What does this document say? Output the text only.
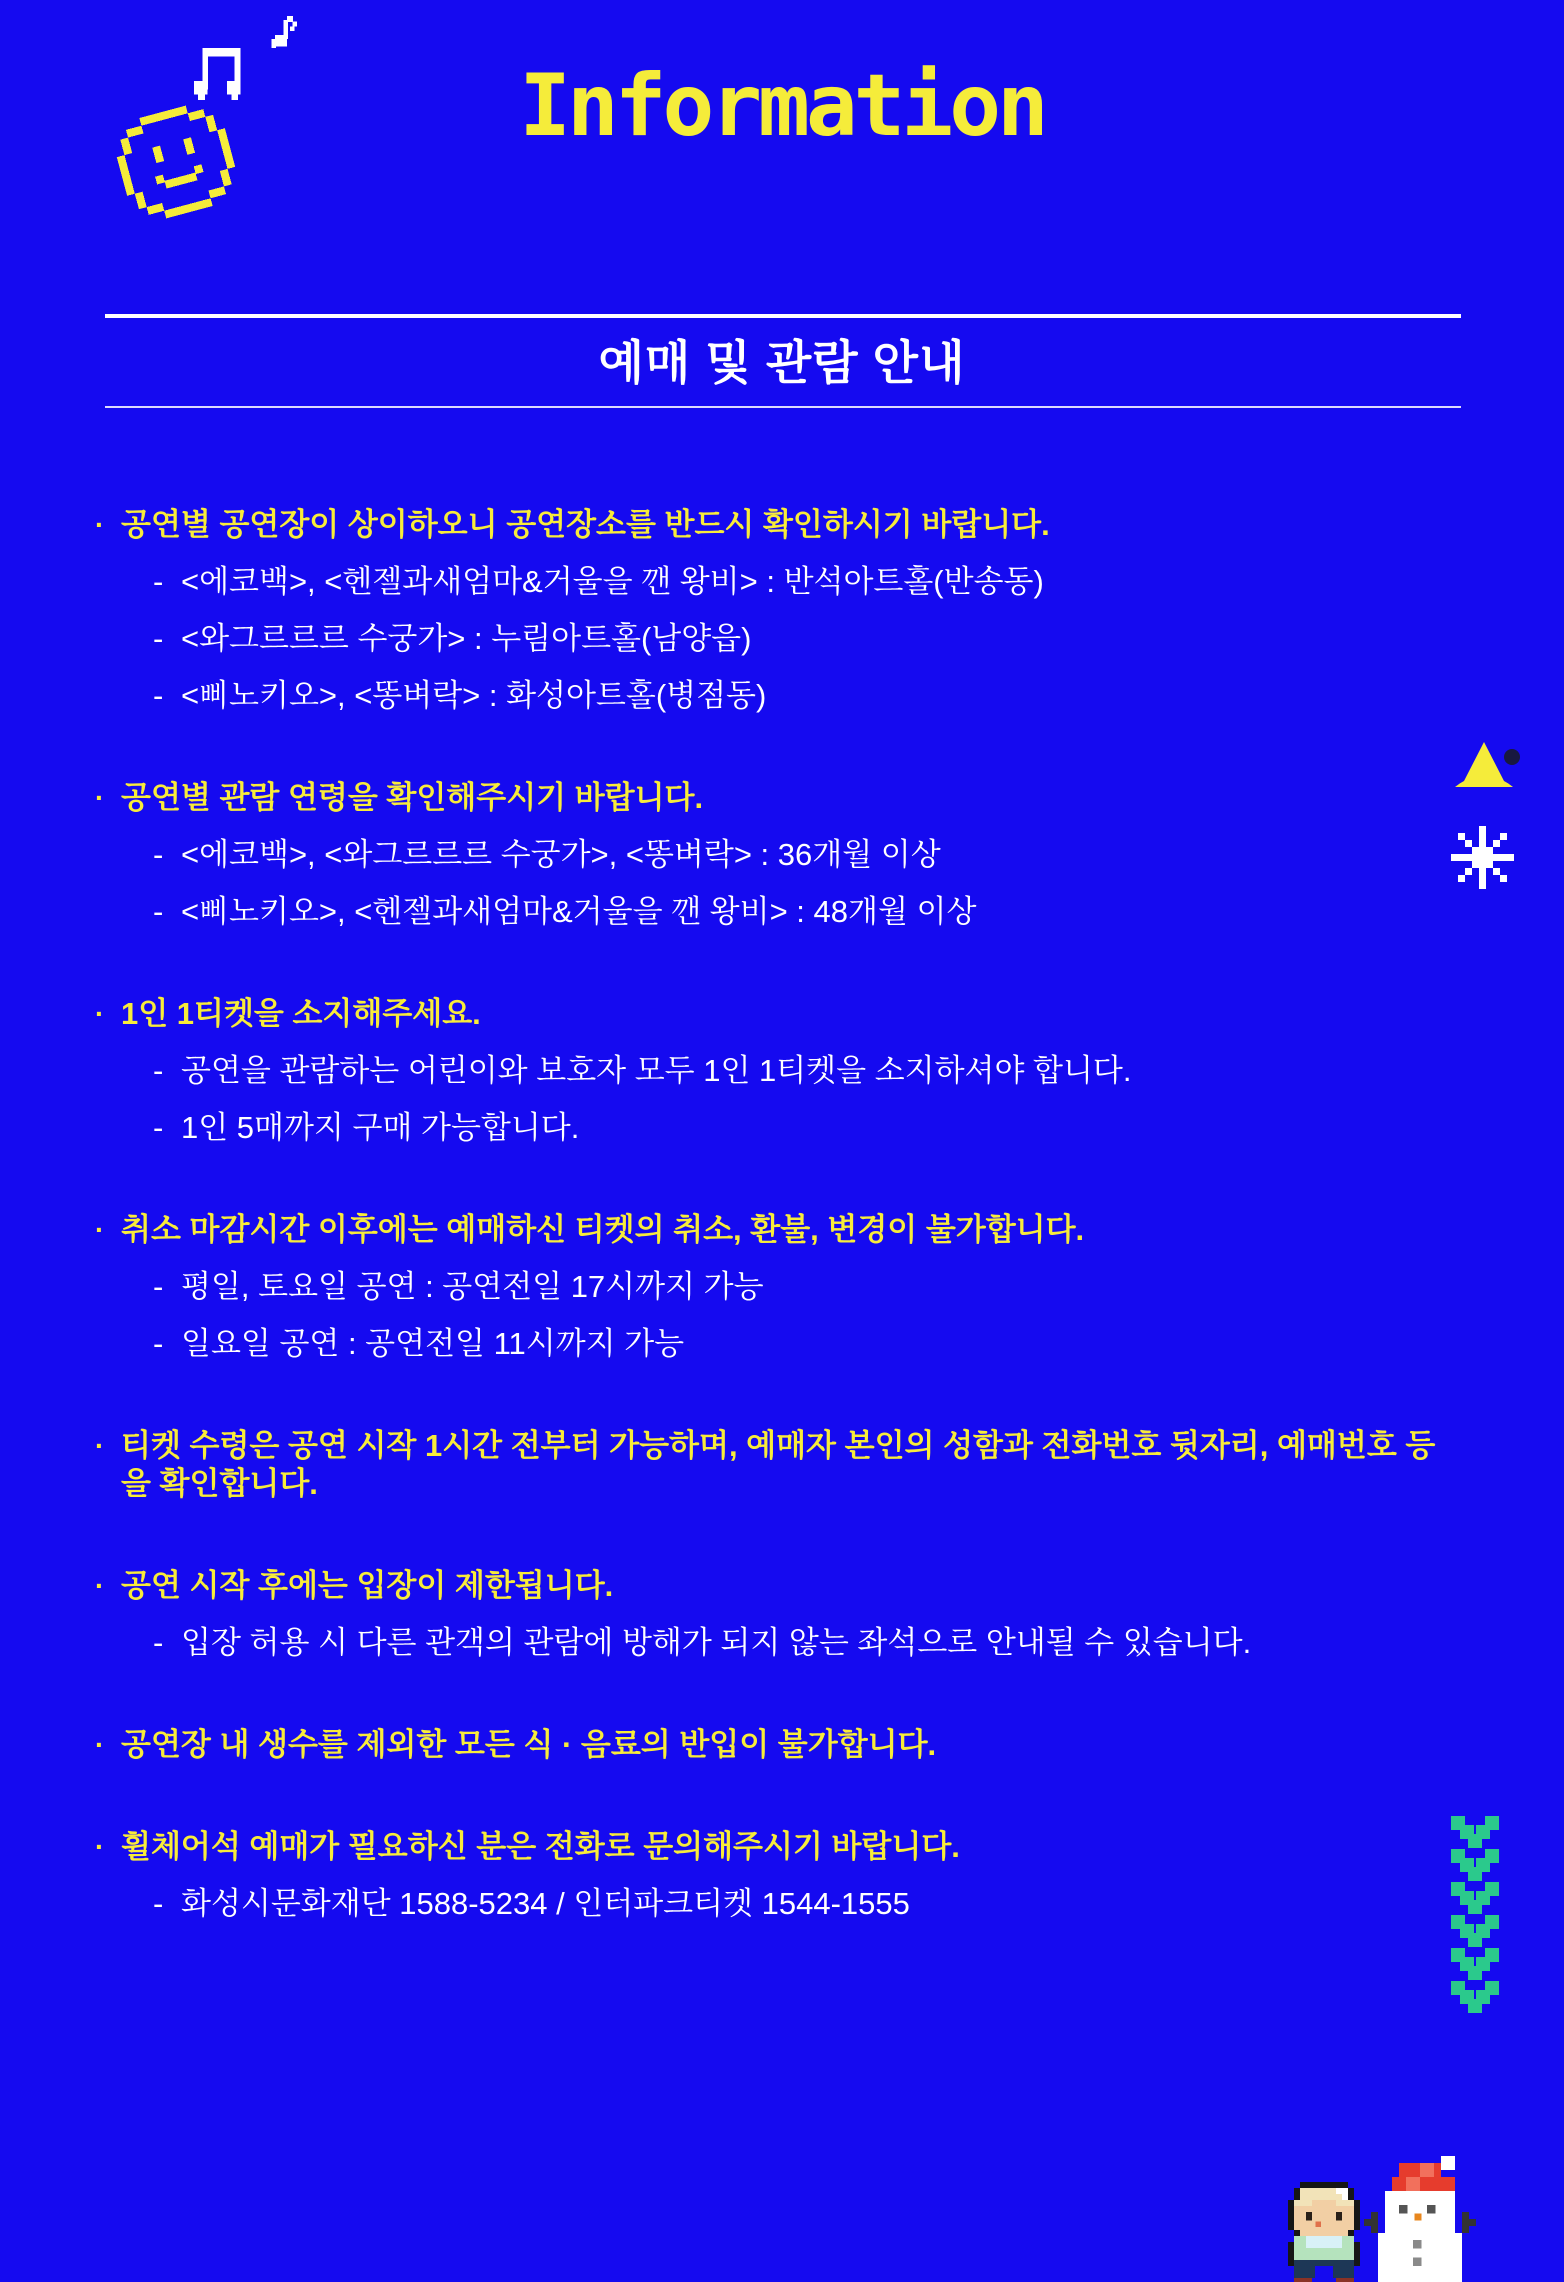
Information
예매 및 관람 안내
· 공연별 공연장이 상이하오니 공연장소를 반드시 확인하시기 바랍니다.
- <에코백>, <헨젤과새엄마&거울을 깬 왕비> : 반석아트홀(반송동)
- <와그르르르 수궁가> : 누림아트홀(남양읍)
- <삐노키오>, <똥벼락> : 화성아트홀(병점동)
· 공연별 관람 연령을 확인해주시기 바랍니다.
- <에코백>, <와그르르르 수궁가>, <똥벼락> : 36개월 이상
- <삐노키오>, <헨젤과새엄마&거울을 깬 왕비> : 48개월 이상
· 1인 1티켓을 소지해주세요.
- 공연을 관람하는 어린이와 보호자 모두 1인 1티켓을 소지하셔야 합니다.
- 1인 5매까지 구매 가능합니다.
· 취소 마감시간 이후에는 예매하신 티켓의 취소, 환불, 변경이 불가합니다.
- 평일, 토요일 공연 : 공연전일 17시까지 가능
- 일요일 공연 : 공연전일 11시까지 가능
· 티켓 수령은 공연 시작 1시간 전부터 가능하며, 예매자 본인의 성함과 전화번호 뒷자리, 예매번호 등을 확인합니다.
· 공연 시작 후에는 입장이 제한됩니다.
- 입장 허용 시 다른 관객의 관람에 방해가 되지 않는 좌석으로 안내될 수 있습니다.
· 공연장 내 생수를 제외한 모든 식 · 음료의 반입이 불가합니다.
· 휠체어석 예매가 필요하신 분은 전화로 문의해주시기 바랍니다.
- 화성시문화재단 1588-5234 / 인터파크티켓 1544-1555
